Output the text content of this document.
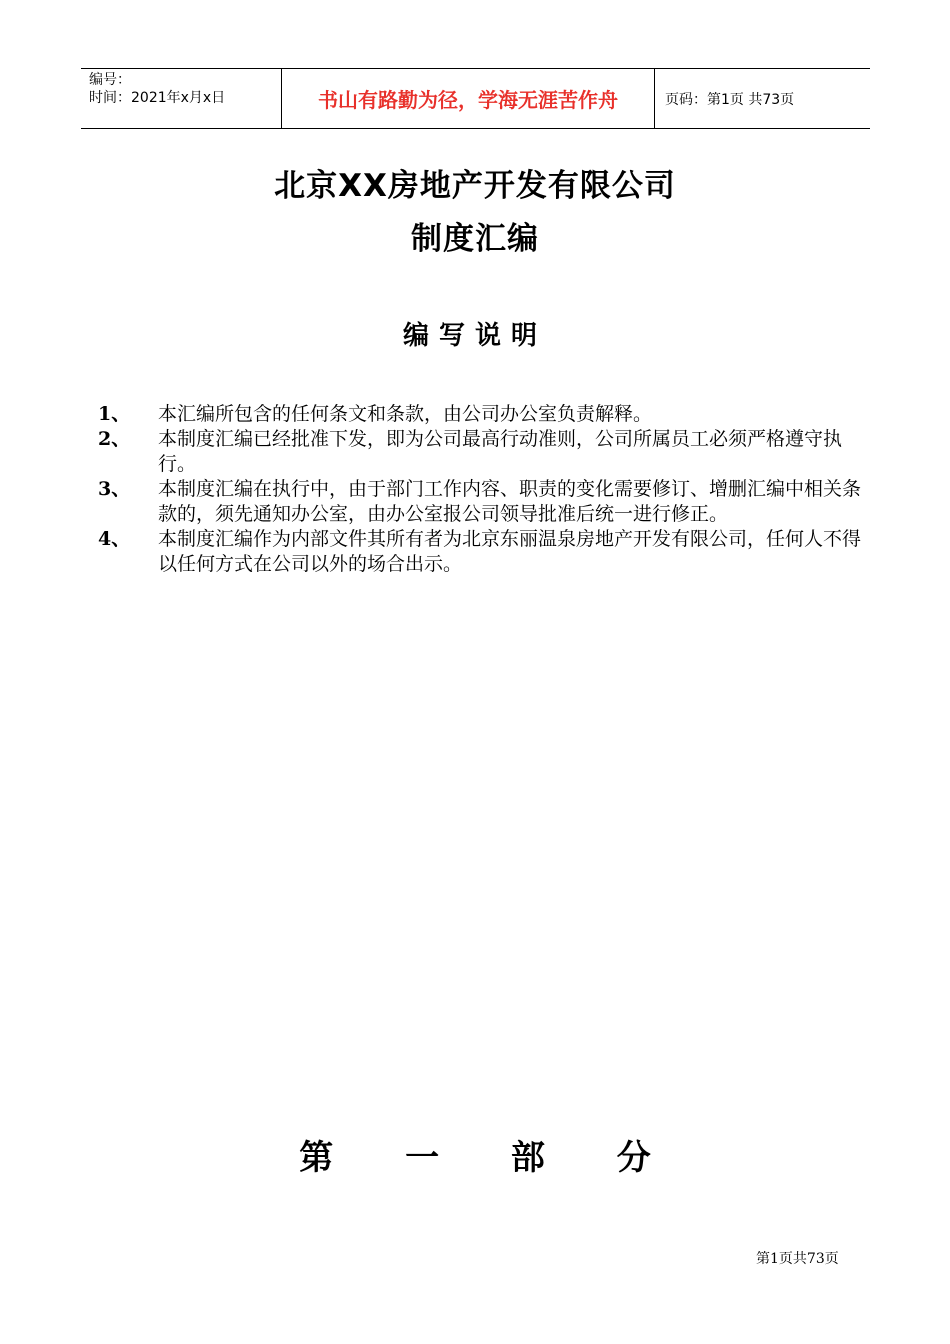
编号：
时间：2021年x月x日	书山有路勤为径，学海无涯苦作舟	页码：第1页 共73页
北京XX房地产开发有限公司
制度汇编
编写说明
1、	本汇编所包含的任何条文和条款，由公司办公室负责解释。
2、	本制度汇编已经批准下发，即为公司最高行动准则，公司所属员工必须严格遵守执行。
3、	本制度汇编在执行中，由于部门工作内容、职责的变化需要修订、增删汇编中相关条款的，须先通知办公室，由办公室报公司领导批准后统一进行修正。
4、	本制度汇编作为内部文件其所有者为北京东丽温泉房地产开发有限公司，任何人不得以任何方式在公司以外的场合出示。
第 一 部 分
第1页共73页
